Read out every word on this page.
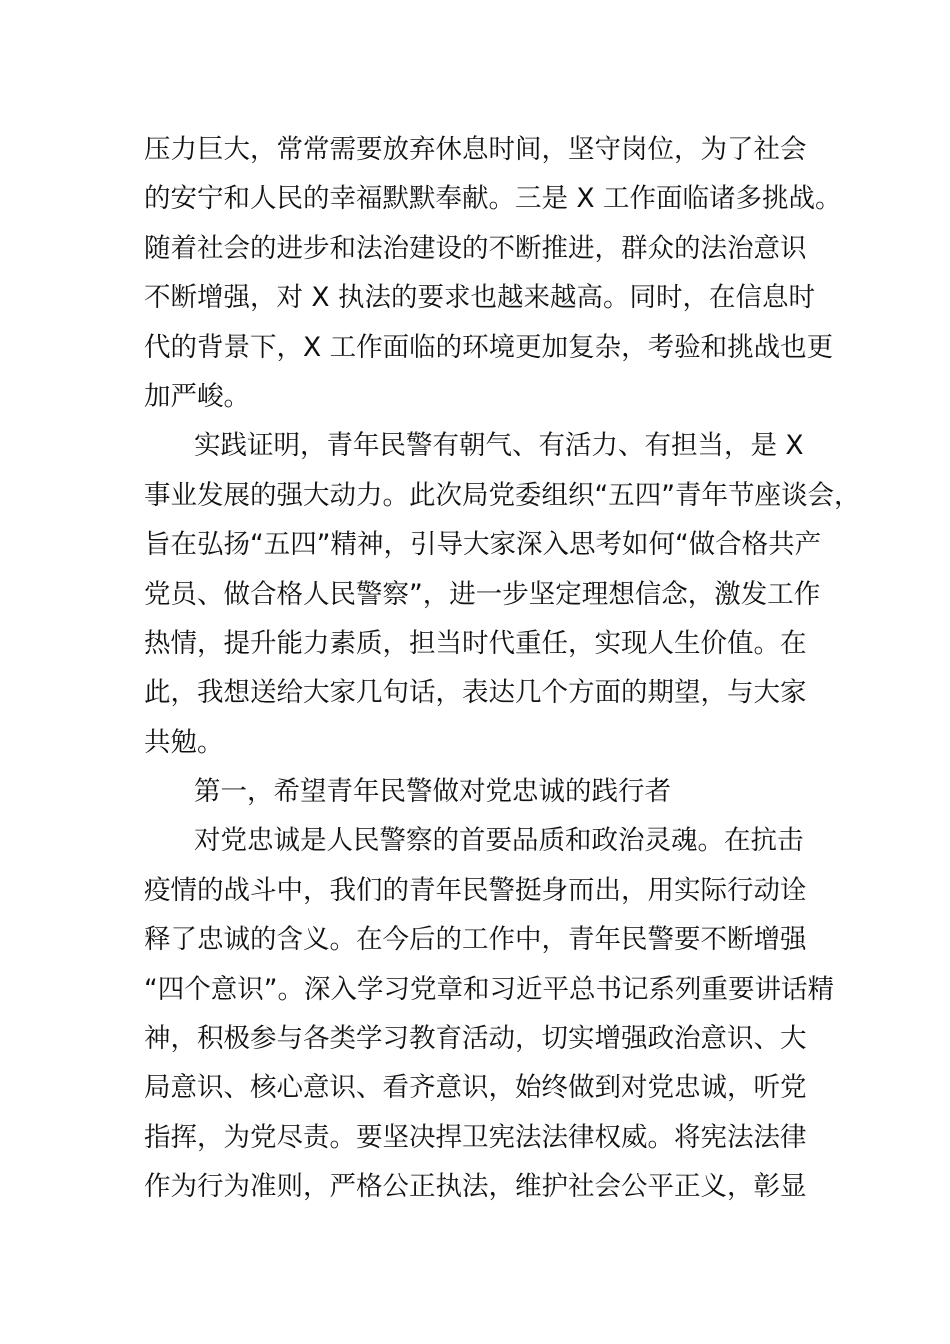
压力巨大，常常需要放弃休息时间，坚守岗位，为了社会
的安宁和人民的幸福默默奉献。三是 X 工作面临诸多挑战。
随着社会的进步和法治建设的不断推进，群众的法治意识
不断增强，对 X 执法的要求也越来越高。同时，在信息时
代的背景下，X 工作面临的环境更加复杂，考验和挑战也更
加严峻。
实践证明，青年民警有朝气、有活力、有担当，是 X
事业发展的强大动力。此次局党委组织“五四”青年节座谈会，
旨在弘扬“五四”精神，引导大家深入思考如何“做合格共产
党员、做合格人民警察”，进一步坚定理想信念，激发工作
热情，提升能力素质，担当时代重任，实现人生价值。在
此，我想送给大家几句话，表达几个方面的期望，与大家
共勉。
第一，希望青年民警做对党忠诚的践行者
对党忠诚是人民警察的首要品质和政治灵魂。在抗击
疫情的战斗中，我们的青年民警挺身而出，用实际行动诠
释了忠诚的含义。在今后的工作中，青年民警要不断增强
“四个意识”。深入学习党章和习近平总书记系列重要讲话精
神，积极参与各类学习教育活动，切实增强政治意识、大
局意识、核心意识、看齐意识，始终做到对党忠诚，听党
指挥，为党尽责。要坚决捍卫宪法法律权威。将宪法法律
作为行为准则，严格公正执法，维护社会公平正义，彰显
